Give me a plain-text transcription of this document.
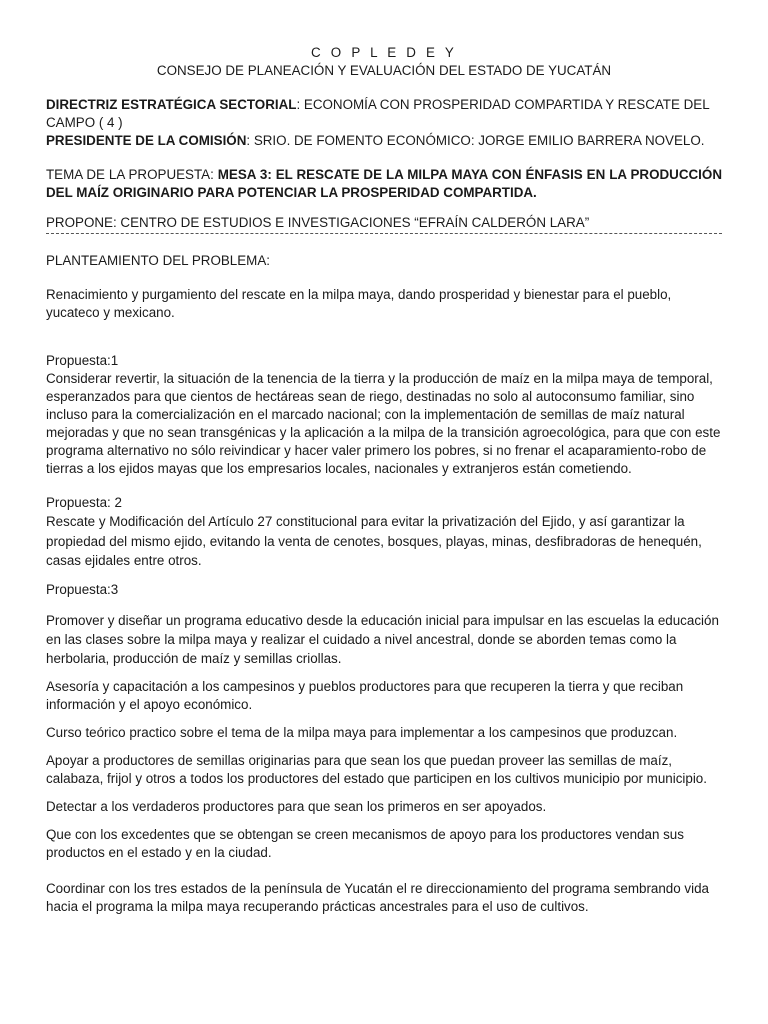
C O P L E D E Y

CONSEJO DE PLANEACIÓN Y EVALUACIÓN DEL ESTADO DE YUCATÁN

DIRECTRIZ ESTRATÉGICA SECTORIAL: ECONOMÍA CON PROSPERIDAD COMPARTIDA Y RESCATE DEL CAMPO ( 4 )

PRESIDENTE DE LA COMISIÓN: SRIO. DE FOMENTO ECONÓMICO: JORGE EMILIO BARRERA NOVELO.

TEMA DE LA PROPUESTA: MESA 3: EL RESCATE DE LA MILPA MAYA CON ÉNFASIS EN LA PRODUCCIÓN DEL MAÍZ ORIGINARIO PARA POTENCIAR LA PROSPERIDAD COMPARTIDA.

PROPONE: CENTRO DE ESTUDIOS E INVESTIGACIONES “EFRAÍN CALDERÓN LARA”

PLANTEAMIENTO DEL PROBLEMA:

Renacimiento y purgamiento del rescate en la milpa maya, dando prosperidad y bienestar para el pueblo, yucateco y mexicano.

Propuesta:1

Considerar revertir, la situación de la tenencia de la tierra y la producción de maíz en la milpa maya de temporal, esperanzados para que cientos de hectáreas sean de riego, destinadas no solo al autoconsumo familiar, sino incluso para la comercialización en el marcado nacional; con la implementación de semillas de maíz natural mejoradas y que no sean transgénicas y la aplicación a la milpa de la transición agroecológica, para que con este programa alternativo no sólo reivindicar y hacer valer primero los pobres, si no frenar el acaparamiento-robo de tierras a los ejidos mayas que los empresarios locales, nacionales y extranjeros están cometiendo.

Propuesta: 2

Rescate y Modificación del Artículo 27 constitucional para evitar la privatización del Ejido, y así garantizar la propiedad del mismo ejido, evitando la venta de cenotes, bosques, playas, minas, desfibradoras de henequén, casas ejidales entre otros.

Propuesta:3

Promover y diseñar un programa educativo desde la educación inicial para impulsar en las escuelas la educación en las clases sobre la milpa maya y realizar el cuidado a nivel ancestral, donde se aborden temas como la herbolaria, producción de maíz y semillas criollas.

Asesoría y capacitación a los campesinos y pueblos productores para que recuperen la tierra y que reciban información y el apoyo económico.

Curso teórico practico sobre el tema de la milpa maya para implementar a los campesinos que produzcan.

Apoyar a productores de semillas originarias para que sean los que puedan proveer las semillas de maíz, calabaza, frijol y otros a todos los productores del estado que participen en los cultivos municipio por municipio.

Detectar a los verdaderos productores para que sean los primeros en ser apoyados.

Que con los excedentes que se obtengan se creen mecanismos de apoyo para los productores vendan sus productos en el estado y en la ciudad.

Coordinar con los tres estados de la península de Yucatán el re direccionamiento del programa sembrando vida hacia el programa la milpa maya recuperando prácticas ancestrales para el uso de cultivos.
